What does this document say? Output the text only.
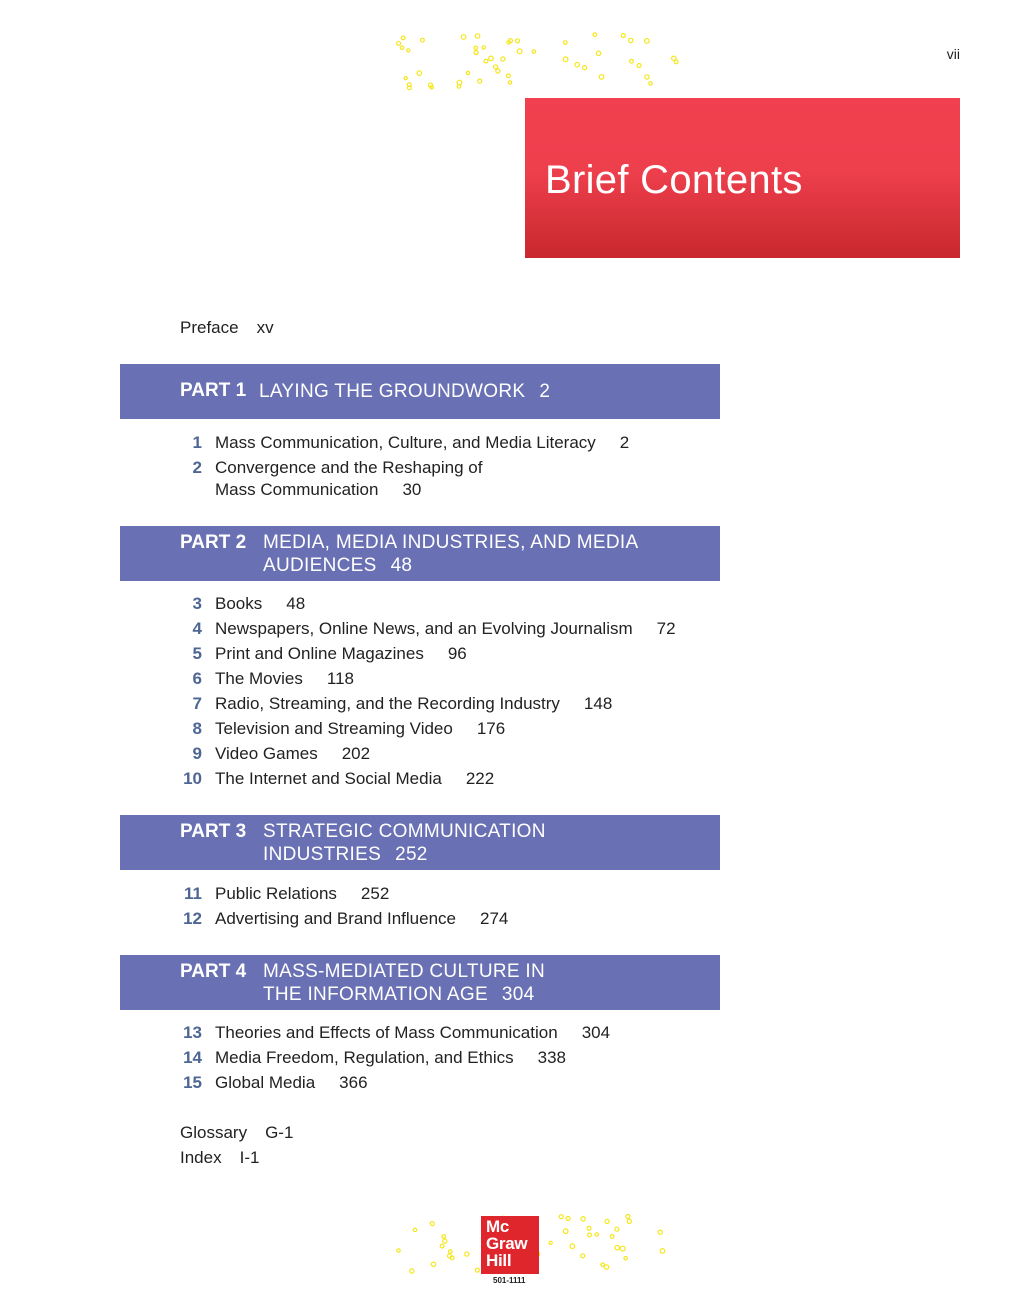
vii
Brief Contents
Preface xv
PART 1 LAYING THE GROUNDWORK 2
1 Mass Communication, Culture, and Media Literacy 2
2 Convergence and the Reshaping of
Mass Communication 30
PART 2 MEDIA, MEDIA INDUSTRIES, AND MEDIA
AUDIENCES 48
3 Books 48
4 Newspapers, Online News, and an Evolving Journalism 72
5 Print and Online Magazines 96
6 The Movies 118
7 Radio, Streaming, and the Recording Industry 148
8 Television and Streaming Video 176
9 Video Games 202
10 The Internet and Social Media 222
PART 3 STRATEGIC COMMUNICATION
INDUSTRIES 252
11 Public Relations 252
12 Advertising and Brand Influence 274
PART 4 MASS-MEDIATED CULTURE IN
THE INFORMATION AGE 304
13 Theories and Effects of Mass Communication 304
14 Media Freedom, Regulation, and Ethics 338
15 Global Media 366
Glossary G-1
Index I-1
Mc
Graw
Hill
501-1111
